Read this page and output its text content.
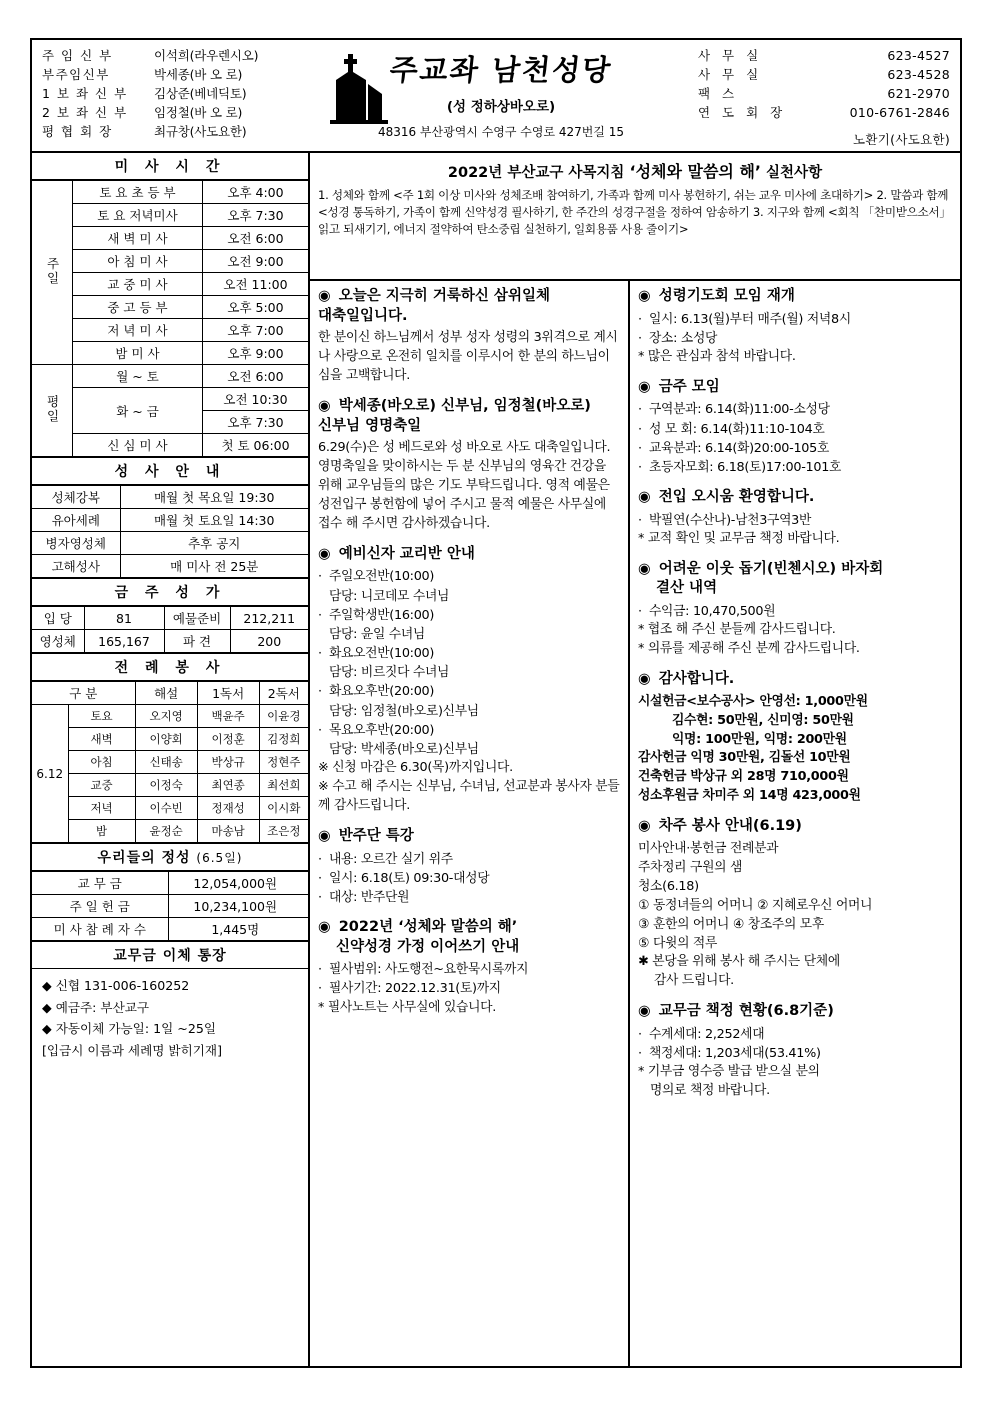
주 임 신 부	이석희(라우렌시오)
부주임신부	박세종(바 오 로)
1 보 좌 신 부	김상준(베네딕토)
2 보 좌 신 부	임정철(바 오 로)
평 협 회 장	최규창(사도요한)
주교좌 남천성당
(성 정하상바오로)
48316 부산광역시 수영구 수영로 427번길 15
사 무 실	623-4527
사 무 실	623-4528
팩 스	621-2970
연 도 회 장	010-6761-2846
노환기(사도요한)
미 사 시 간
주일	토 요 초 등 부	오후 4:00
	토 요 저녁미사	오후 7:30
	새 벽 미 사	오전 6:00
	아 침 미 사	오전 9:00
	교 중 미 사	오전 11:00
	중 고 등 부	오후 5:00
	저 녁 미 사	오후 7:00
	밤 미 사	오후 9:00
평일	월 ~ 토	오전 6:00
	화 ~ 금	오전 10:30
		오후 7:30
	신 심 미 사	첫 토 06:00
성 사 안 내
성체강복	매월 첫 목요일 19:30
유아세례	매월 첫 토요일 14:30
병자영성체	추후 공지
고해성사	매 미사 전 25분
금 주 성 가
입 당	81	예물준비	212,211
영성체	165,167	파 견	200
전 례 봉 사
구 분		해설	1독서	2독서
6.12	토요	오지영	백윤주	이윤경
	새벽	이양회	이정훈	김정희
	아침	신태송	박상규	정현주
	교중	이정숙	최연종	최선희
	저녁	이수빈	정재성	이시화
	밤	윤정순	마송남	조은정
우리들의 정성 (6.5일)
교 무 금	12,054,000원
주 일 헌 금	10,234,100원
미 사 참 례 자 수	1,445명
교무금 이체 통장
◆ 신협 131-006-160252
◆ 예금주: 부산교구
◆ 자동이체 가능일: 1일 ~25일
[입금시 이름과 세례명 밝히기재]
2022년 부산교구 사목지침 ‘성체와 말씀의 해’ 실천사항
1. 성체와 함께 <주 1회 이상 미사와 성체조배 참여하기, 가족과 함께 미사 봉헌하기, 쉬는 교우 미사에 초대하기> 2. 말씀과 함께 <성경 통독하기, 가족이 함께 신약성경 필사하기, 한 주간의 성경구절을 정하여 암송하기 3. 지구와 함께 <회칙 「찬미받으소서」 읽고 되새기기, 에너지 절약하여 탄소중립 실천하기, 일회용품 사용 줄이기>
◉ 오늘은 지극히 거룩하신 삼위일체
대축일입니다.
한 분이신 하느님께서 성부 성자 성령의 3위격으로 계시나 사랑으로 온전히 일치를 이루시어 한 분의 하느님이심을 고백합니다.
◉ 박세종(바오로) 신부님, 임정철(바오로)
신부님 영명축일
6.29(수)은 성 베드로와 성 바오로 사도 대축일입니다. 영명축일을 맞이하시는 두 분 신부님의 영육간 건강을 위해 교우님들의 많은 기도 부탁드립니다. 영적 예물은 성전입구 봉헌함에 넣어 주시고 물적 예물은 사무실에 접수 해 주시면 감사하겠습니다.
◉ 예비신자 교리반 안내
· 주일오전반(10:00)
담당: 니코데모 수녀님
· 주일학생반(16:00)
담당: 윤일 수녀님
· 화요오전반(10:00)
담당: 비르짓다 수녀님
· 화요오후반(20:00)
담당: 임정철(바오로)신부님
· 목요오후반(20:00)
담당: 박세종(바오로)신부님
※ 신청 마감은 6.30(목)까지입니다.
※ 수고 해 주시는 신부님, 수녀님, 선교분과 봉사자 분들께 감사드립니다.
◉ 반주단 특강
· 내용: 오르간 실기 위주
· 일시: 6.18(토) 09:30-대성당
· 대상: 반주단원
◉ 2022년 ‘성체와 말씀의 해’
신약성경 가정 이어쓰기 안내
· 필사범위: 사도행전~요한묵시록까지
· 필사기간: 2022.12.31(토)까지
* 필사노트는 사무실에 있습니다.
◉ 성령기도회 모임 재개
· 일시: 6.13(월)부터 매주(월) 저녁8시
· 장소: 소성당
* 많은 관심과 참석 바랍니다.
◉ 금주 모임
· 구역분과: 6.14(화)11:00-소성당
· 성 모 회: 6.14(화)11:10-104호
· 교육분과: 6.14(화)20:00-105호
· 초등자모회: 6.18(토)17:00-101호
◉ 전입 오시움 환영합니다.
· 박필연(수산나)-남천3구역3반
* 교적 확인 및 교무금 책정 바랍니다.
◉ 어려운 이웃 돕기(빈첸시오) 바자회
결산 내역
· 수익금: 10,470,500원
* 협조 해 주신 분들께 감사드립니다.
* 의류를 제공해 주신 분께 감사드립니다.
◉ 감사합니다.
시설헌금<보수공사> 안영선: 1,000만원
김수현: 50만원, 신미영: 50만원
익명: 100만원, 익명: 200만원
감사헌금 익명 30만원, 김돌선 10만원
건축헌금 박상규 외 28명 710,000원
성소후원금 차미주 외 14명 423,000원
◉ 차주 봉사 안내(6.19)
미사안내·봉헌금 전례분과
주차정리 구원의 샘
청소(6.18)
① 동정녀들의 어머니 ② 지혜로우신 어머니
③ 훈한의 어머니 ④ 창조주의 모후
⑤ 다윗의 적루
✱ 본당을 위해 봉사 해 주시는 단체에
감사 드립니다.
◉ 교무금 책정 현황(6.8기준)
· 수계세대: 2,252세대
· 책정세대: 1,203세대(53.41%)
* 기부금 영수증 발급 받으실 분의
명의로 책정 바랍니다.
